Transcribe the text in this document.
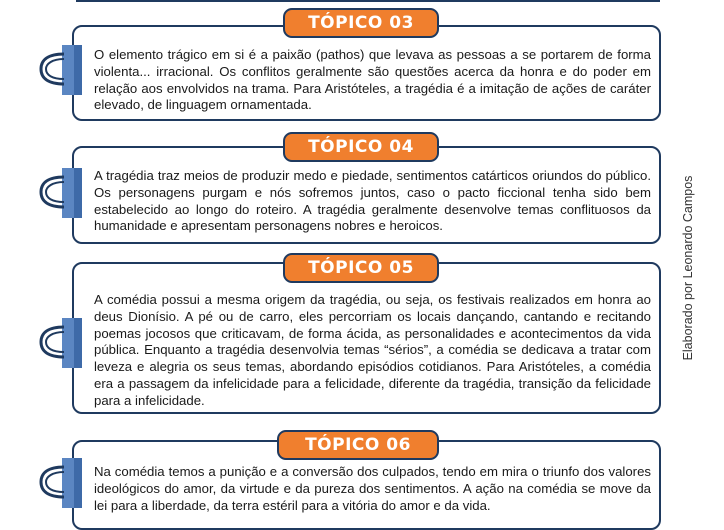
O elemento trágico em si é a paixão (pathos) que levava as pessoas a se portarem de forma violenta... irracional. Os conflitos geralmente são questões acerca da honra e do poder em relação aos envolvidos na trama. Para Aristóteles, a tragédia é a imitação de ações de caráter elevado, de linguagem ornamentada.

TÓPICO 03

A tragédia traz meios de produzir medo e piedade, sentimentos catárticos oriundos do público. Os personagens purgam e nós sofremos juntos, caso o pacto ficcional tenha sido bem estabelecido ao longo do roteiro. A tragédia geralmente desenvolve temas conflituosos da humanidade e apresentam personagens nobres e heroicos.

TÓPICO 04

A comédia possui a mesma origem da tragédia, ou seja, os festivais realizados em honra ao deus Dionísio. A pé ou de carro, eles percorriam os locais dançando, cantando e recitando poemas jocosos que criticavam, de forma ácida, as personalidades e acontecimentos da vida pública. Enquanto a tragédia desenvolvia temas “sérios”, a comédia se dedicava a tratar com leveza e alegria os seus temas, abordando episódios cotidianos. Para Aristóteles, a comédia era a passagem da infelicidade para a felicidade, diferente da tragédia, transição da felicidade para a infelicidade.

TÓPICO 05

Na comédia temos a punição e a conversão dos culpados, tendo em mira o triunfo dos valores ideológicos do amor, da virtude e da pureza dos sentimentos. A ação na comédia se move da lei para a liberdade, da terra estéril para a vitória do amor e da vida.

TÓPICO 06
Elaborado por Leonardo Campos
